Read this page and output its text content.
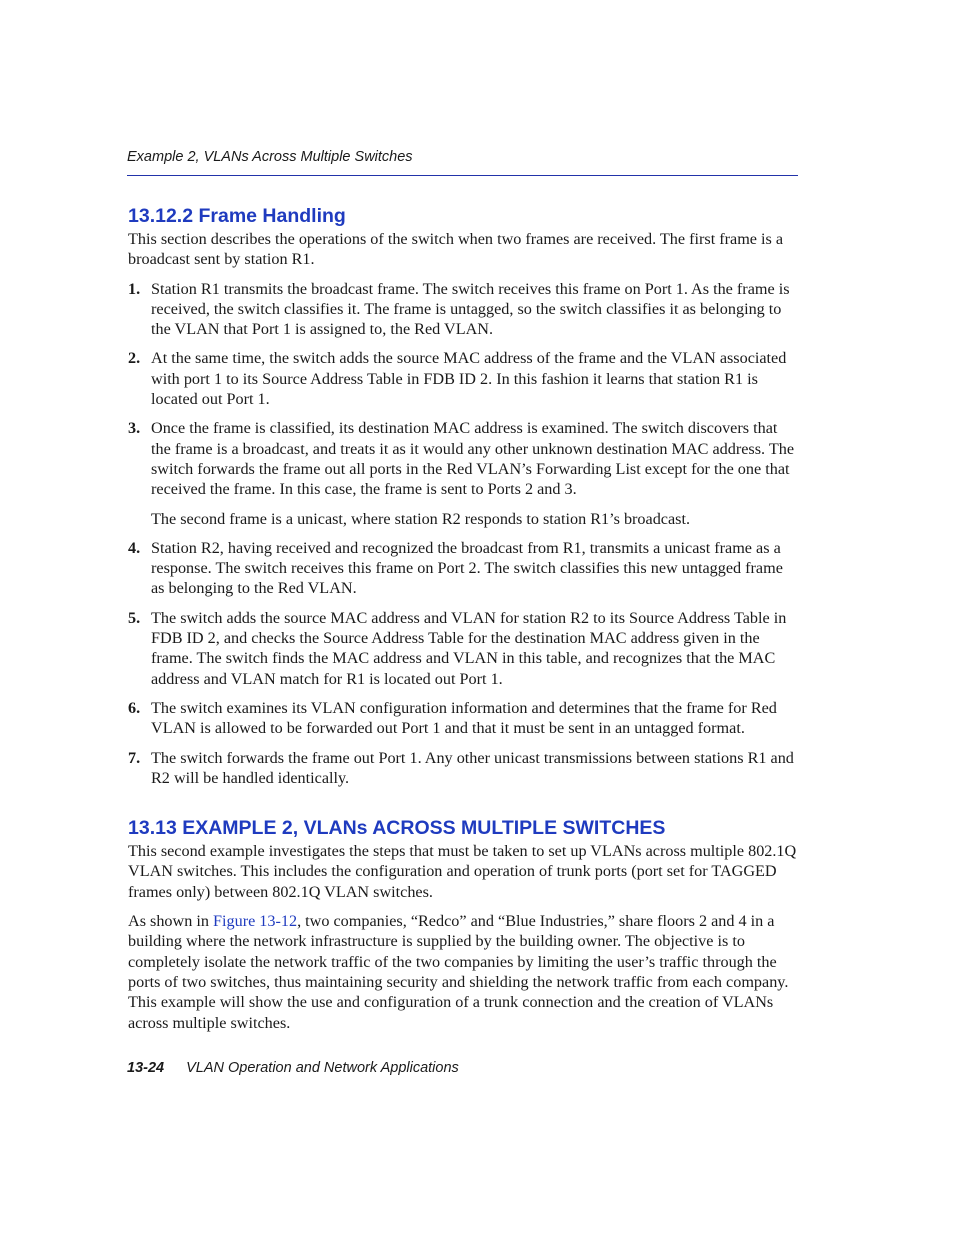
Example 2, VLANs Across Multiple Switches
13.12.2 Frame Handling

This section describes the operations of the switch when two frames are received. The first frame is a broadcast sent by station R1.

1. Station R1 transmits the broadcast frame. The switch receives this frame on Port 1. As the frame is received, the switch classifies it. The frame is untagged, so the switch classifies it as belonging to the VLAN that Port 1 is assigned to, the Red VLAN.
2. At the same time, the switch adds the source MAC address of the frame and the VLAN associated with port 1 to its Source Address Table in FDB ID 2. In this fashion it learns that station R1 is located out Port 1.
3. Once the frame is classified, its destination MAC address is examined. The switch discovers that the frame is a broadcast, and treats it as it would any other unknown destination MAC address. The switch forwards the frame out all ports in the Red VLAN’s Forwarding List except for the one that received the frame. In this case, the frame is sent to Ports 2 and 3.

The second frame is a unicast, where station R2 responds to station R1’s broadcast.

4. Station R2, having received and recognized the broadcast from R1, transmits a unicast frame as a response. The switch receives this frame on Port 2. The switch classifies this new untagged frame as belonging to the Red VLAN.
5. The switch adds the source MAC address and VLAN for station R2 to its Source Address Table in FDB ID 2, and checks the Source Address Table for the destination MAC address given in the frame. The switch finds the MAC address and VLAN in this table, and recognizes that the MAC address and VLAN match for R1 is located out Port 1.
6. The switch examines its VLAN configuration information and determines that the frame for Red VLAN is allowed to be forwarded out Port 1 and that it must be sent in an untagged format.
7. The switch forwards the frame out Port 1. Any other unicast transmissions between stations R1 and R2 will be handled identically.
13.13 EXAMPLE 2, VLANs ACROSS MULTIPLE SWITCHES

This second example investigates the steps that must be taken to set up VLANs across multiple 802.1Q VLAN switches. This includes the configuration and operation of trunk ports (port set for TAGGED frames only) between 802.1Q VLAN switches.

As shown in Figure 13-12, two companies, “Redco” and “Blue Industries,” share floors 2 and 4 in a building where the network infrastructure is supplied by the building owner. The objective is to completely isolate the network traffic of the two companies by limiting the user’s traffic through the ports of two switches, thus maintaining security and shielding the network traffic from each company. This example will show the use and configuration of a trunk connection and the creation of VLANs across multiple switches.

13-24 VLAN Operation and Network Applications
